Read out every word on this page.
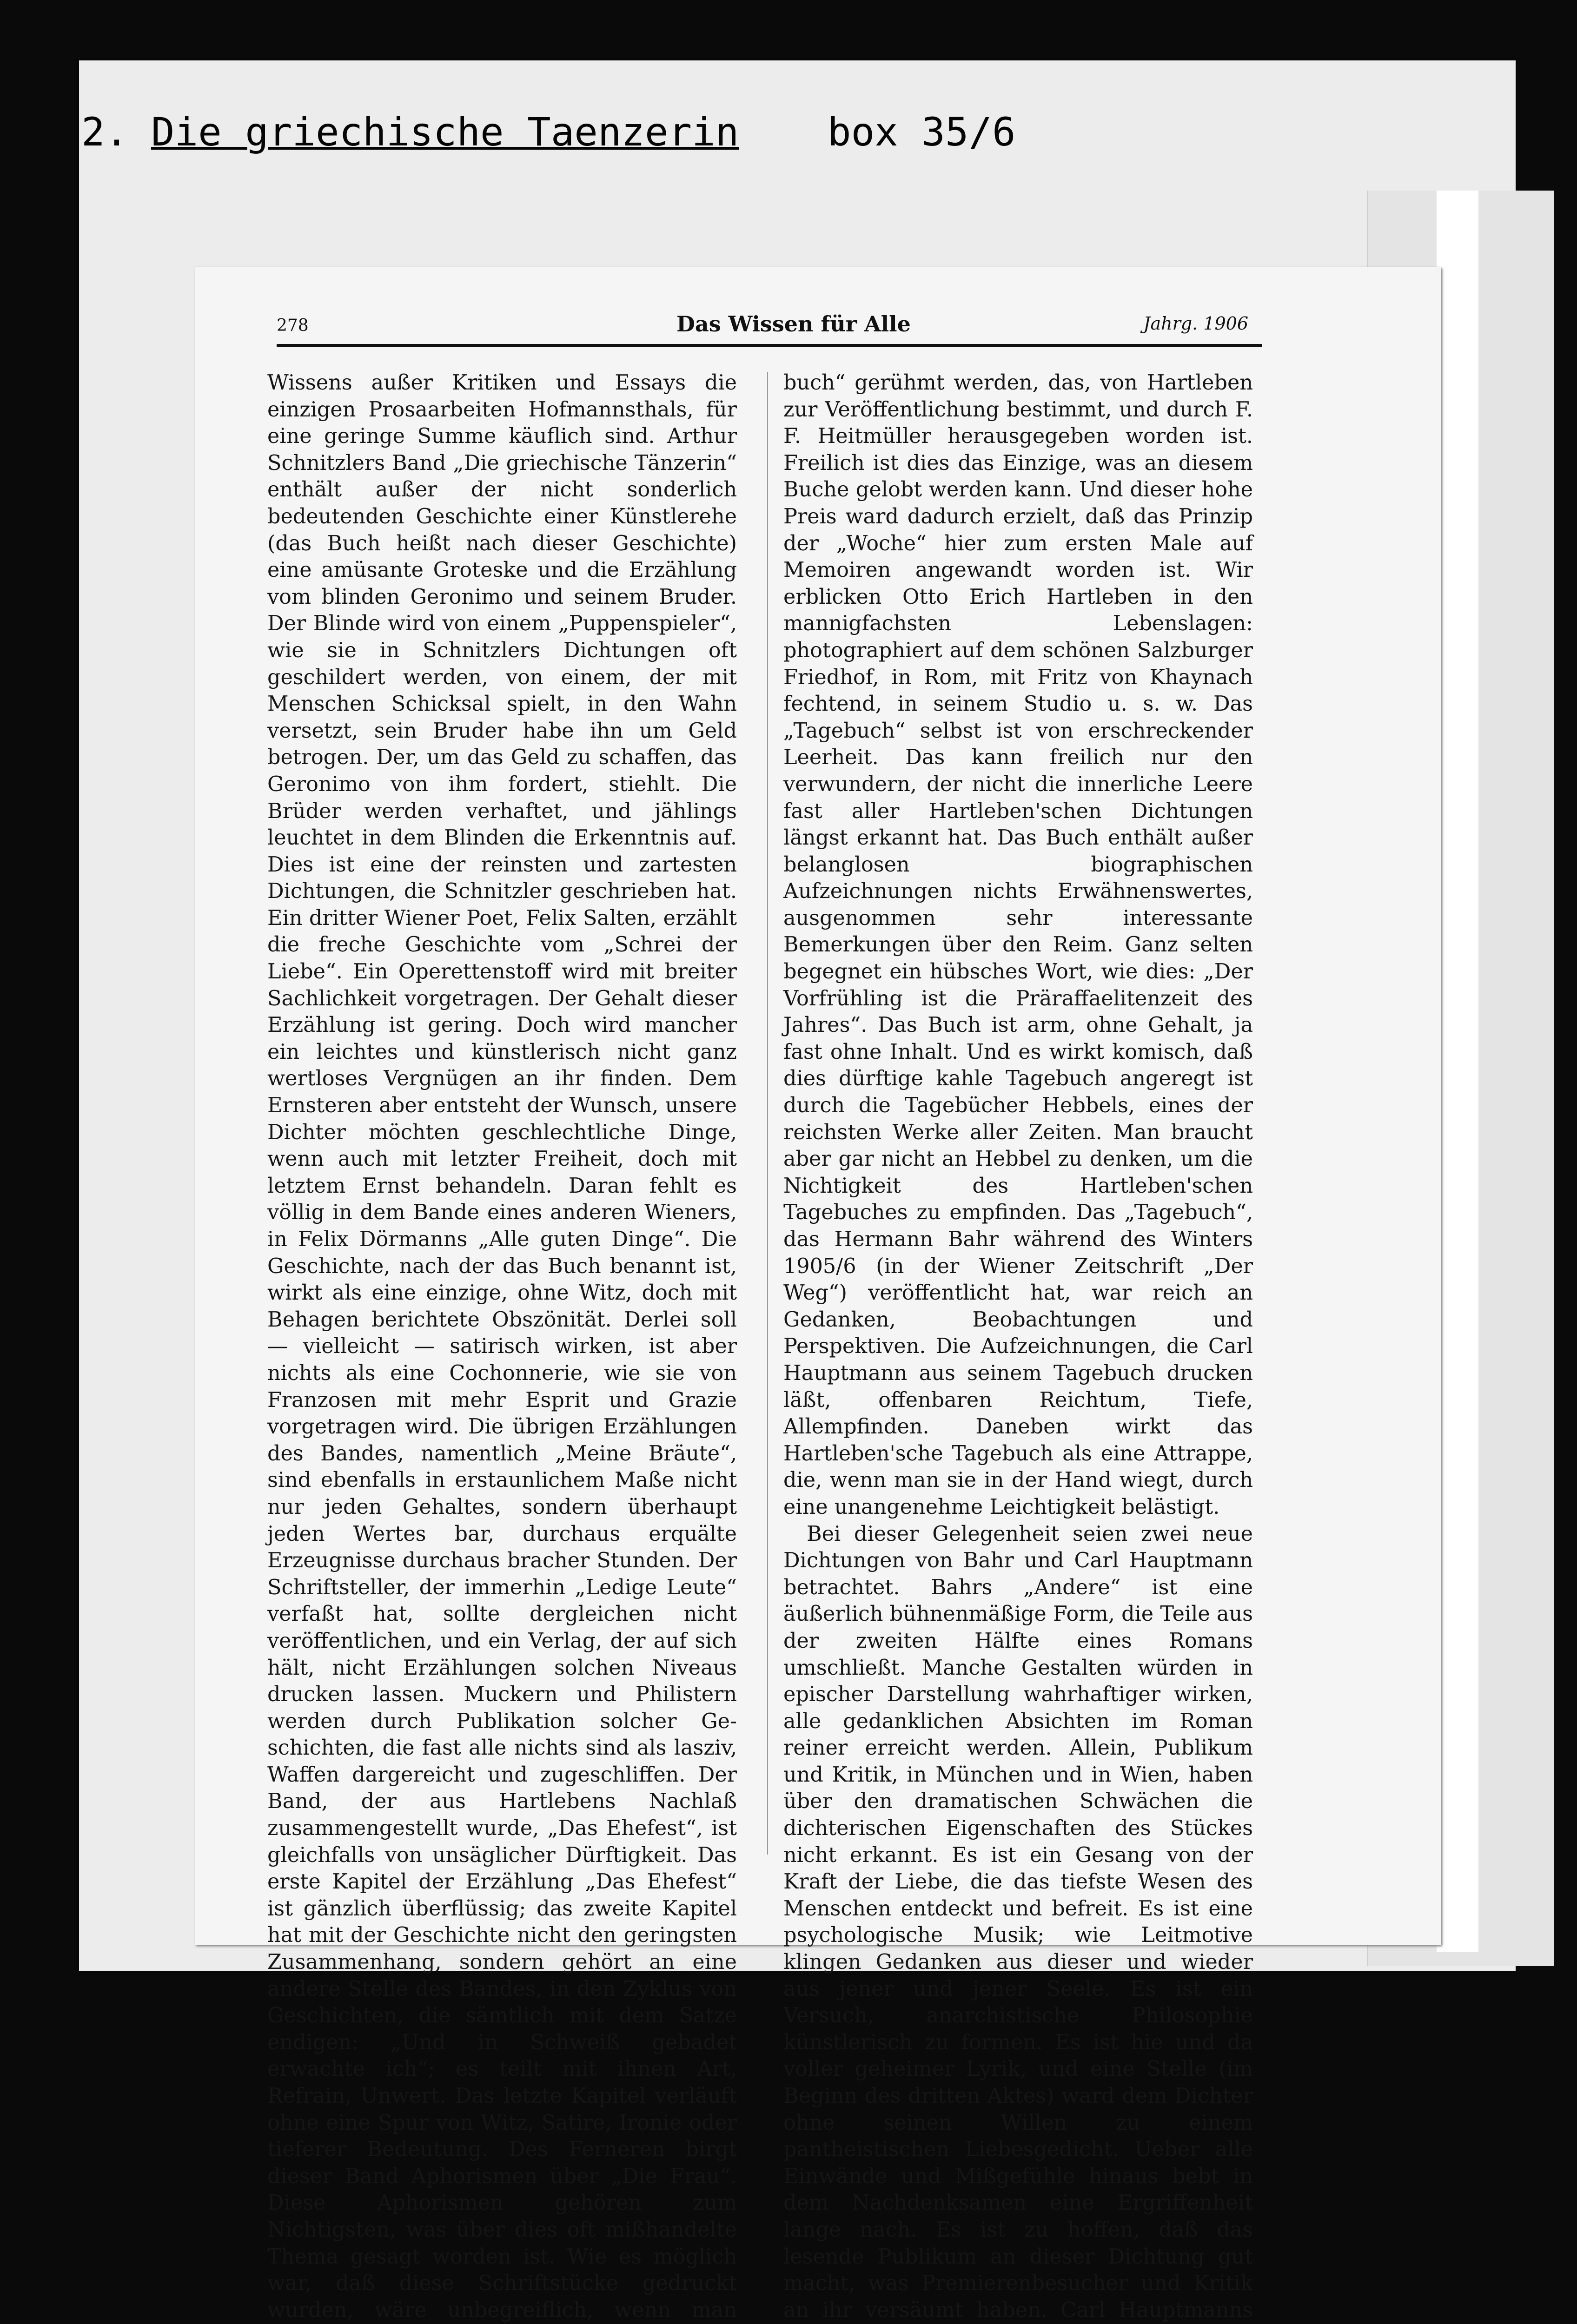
2. Die griechische Taenzerin box 35/6
278	Das Wissen für Alle	Jahrg. 1906

Wissens außer Kritiken und Essays die einzigen Prosaarbeiten Hofmannsthals, für eine geringe Summe käuflich sind. Arthur Schnitzlers Band „Die griechische Tänzerin“ enthält außer der nicht sonderlich bedeutenden Geschichte einer Künstlerehe (das Buch heißt nach dieser Geschichte) eine amüsante Groteske und die Erzählung vom blinden Geronimo und seinem Bruder. Der Blinde wird von einem „Puppenspieler“, wie sie in Schnitzlers Dichtungen oft geschildert werden, von einem, der mit Menschen Schicksal spielt, in den Wahn versetzt, sein Bruder habe ihn um Geld betrogen. Der, um das Geld zu schaffen, das Geronimo von ihm fordert, stiehlt. Die Brüder werden verhaftet, und jählings leuchtet in dem Blinden die Erkenntnis auf. Dies ist eine der reinsten und zartesten Dichtungen, die Schnitzler geschrieben hat. Ein dritter Wiener Poet, Felix Salten, erzählt die freche Geschichte vom „Schrei der Liebe“. Ein Operettenstoff wird mit breiter Sachlichkeit vorgetragen. Der Gehalt dieser Erzählung ist gering. Doch wird mancher ein leichtes und künstlerisch nicht ganz wertloses Vergnügen an ihr finden. Dem Ernsteren aber entsteht der Wunsch, unsere Dichter möchten geschlechtliche Dinge, wenn auch mit letzter Freiheit, doch mit letztem Ernst behandeln. Daran fehlt es völlig in dem Bande eines anderen Wieners, in Felix Dörmanns „Alle guten Dinge“. Die Geschichte, nach der das Buch benannt ist, wirkt als eine einzige, ohne Witz, doch mit Behagen berichtete Obszönität. Derlei soll — vielleicht — satirisch wirken, ist aber nichts als eine Cochonnerie, wie sie von Franzosen mit mehr Esprit und Grazie vorgetragen wird. Die übrigen Erzählungen des Bandes, namentlich „Meine Bräute“, sind ebenfalls in erstaunlichem Maße nicht nur jeden Gehaltes, sondern überhaupt jeden Wertes bar, durchaus erquälte Erzeugnisse durchaus bracher Stunden. Der Schriftsteller, der immerhin „Ledige Leute“ verfaßt hat, sollte dergleichen nicht veröffentlichen, und ein Verlag, der auf sich hält, nicht Erzählungen solchen Niveaus drucken lassen. Muckern und Philistern werden durch Publikation solcher Geschichten, die fast alle nichts sind als lasziv, Waffen dargereicht und zugeschliffen. Der Band, der aus Hartlebens Nachlaß zusammengestellt wurde, „Das Ehefest“, ist gleichfalls von unsäglicher Dürftigkeit. Das erste Kapitel der Erzählung „Das Ehefest“ ist gänzlich überflüssig; das zweite Kapitel hat mit der Geschichte nicht den geringsten Zusammenhang, sondern gehört an eine andere Stelle des Bandes, in den Zyklus von Geschichten, die sämtlich mit dem Satze endigen: „Und in Schweiß gebadet erwachte ich“; es teilt mit ihnen Art, Refrain, Unwert. Das letzte Kapitel verläuft ohne eine Spur von Witz, Satire, Ironie oder tieferer Bedeutung. Des Ferneren birgt dieser Band Aphorismen über „Die Frau“. Diese Aphorismen gehören zum Nichtigsten, was über dies oft mißhandelte Thema gesagt worden ist. Wie es möglich war, daß diese Schriftstücke gedruckt wurden, wäre unbegreiflich, wenn man

buch“ gerühmt werden, das, von Hartleben zur Veröffentlichung bestimmt, und durch F. F. Heitmüller herausgegeben worden ist. Freilich ist dies das Einzige, was an diesem Buche gelobt werden kann. Und dieser hohe Preis ward dadurch erzielt, daß das Prinzip der „Woche“ hier zum ersten Male auf Memoiren angewandt worden ist. Wir erblicken Otto Erich Hartleben in den mannigfachsten Lebenslagen: photographiert auf dem schönen Salzburger Friedhof, in Rom, mit Fritz von Khaynach fechtend, in seinem Studio u. s. w. Das „Tagebuch“ selbst ist von erschreckender Leerheit. Das kann freilich nur den verwundern, der nicht die innerliche Leere fast aller Hartleben'schen Dichtungen längst erkannt hat. Das Buch enthält außer belanglosen biographischen Aufzeichnungen nichts Erwähnenswertes, ausgenommen sehr interessante Bemerkungen über den Reim. Ganz selten begegnet ein hübsches Wort, wie dies: „Der Vorfrühling ist die Präraffaelitenzeit des Jahres“. Das Buch ist arm, ohne Gehalt, ja fast ohne Inhalt. Und es wirkt komisch, daß dies dürftige kahle Tagebuch angeregt ist durch die Tagebücher Hebbels, eines der reichsten Werke aller Zeiten. Man braucht aber gar nicht an Hebbel zu denken, um die Nichtigkeit des Hartleben'schen Tagebuches zu empfinden. Das „Tagebuch“, das Hermann Bahr während des Winters 1905/6 (in der Wiener Zeitschrift „Der Weg“) veröffentlicht hat, war reich an Gedanken, Beobachtungen und Perspektiven. Die Aufzeichnungen, die Carl Hauptmann aus seinem Tagebuch drucken läßt, offenbaren Reichtum, Tiefe, Allempfinden. Daneben wirkt das Hartleben'sche Tagebuch als eine Attrappe, die, wenn man sie in der Hand wiegt, durch eine unangenehme Leichtigkeit belästigt.

Bei dieser Gelegenheit seien zwei neue Dichtungen von Bahr und Carl Hauptmann betrachtet. Bahrs „Andere“ ist eine äußerlich bühnenmäßige Form, die Teile aus der zweiten Hälfte eines Romans umschließt. Manche Gestalten würden in epischer Darstellung wahrhaftiger wirken, alle gedanklichen Absichten im Roman reiner erreicht werden. Allein, Publikum und Kritik, in München und in Wien, haben über den dramatischen Schwächen die dichterischen Eigenschaften des Stückes nicht erkannt. Es ist ein Gesang von der Kraft der Liebe, die das tiefste Wesen des Menschen entdeckt und befreit. Es ist eine psychologische Musik; wie Leitmotive klingen Gedanken aus dieser und wieder aus jener und jener Seele. Es ist ein Versuch, anarchistische Philosophie künstlerisch zu formen. Es ist hie und da voller geheimer Lyrik, und eine Stelle (im Beginn des dritten Aktes) ward dem Dichter ohne seinen Willen zu einem pantheistischen Liebesgedicht. Ueber alle Einwände und Mißgefühle hinaus bebt in dem Nachdenksamen eine Ergriffenheit lange nach. Es ist zu hoffen, daß das lesende Publikum an dieser Dichtung gut macht, was Premierenbesucher und Kritik an ihr versäumt haben. Carl Hauptmanns
